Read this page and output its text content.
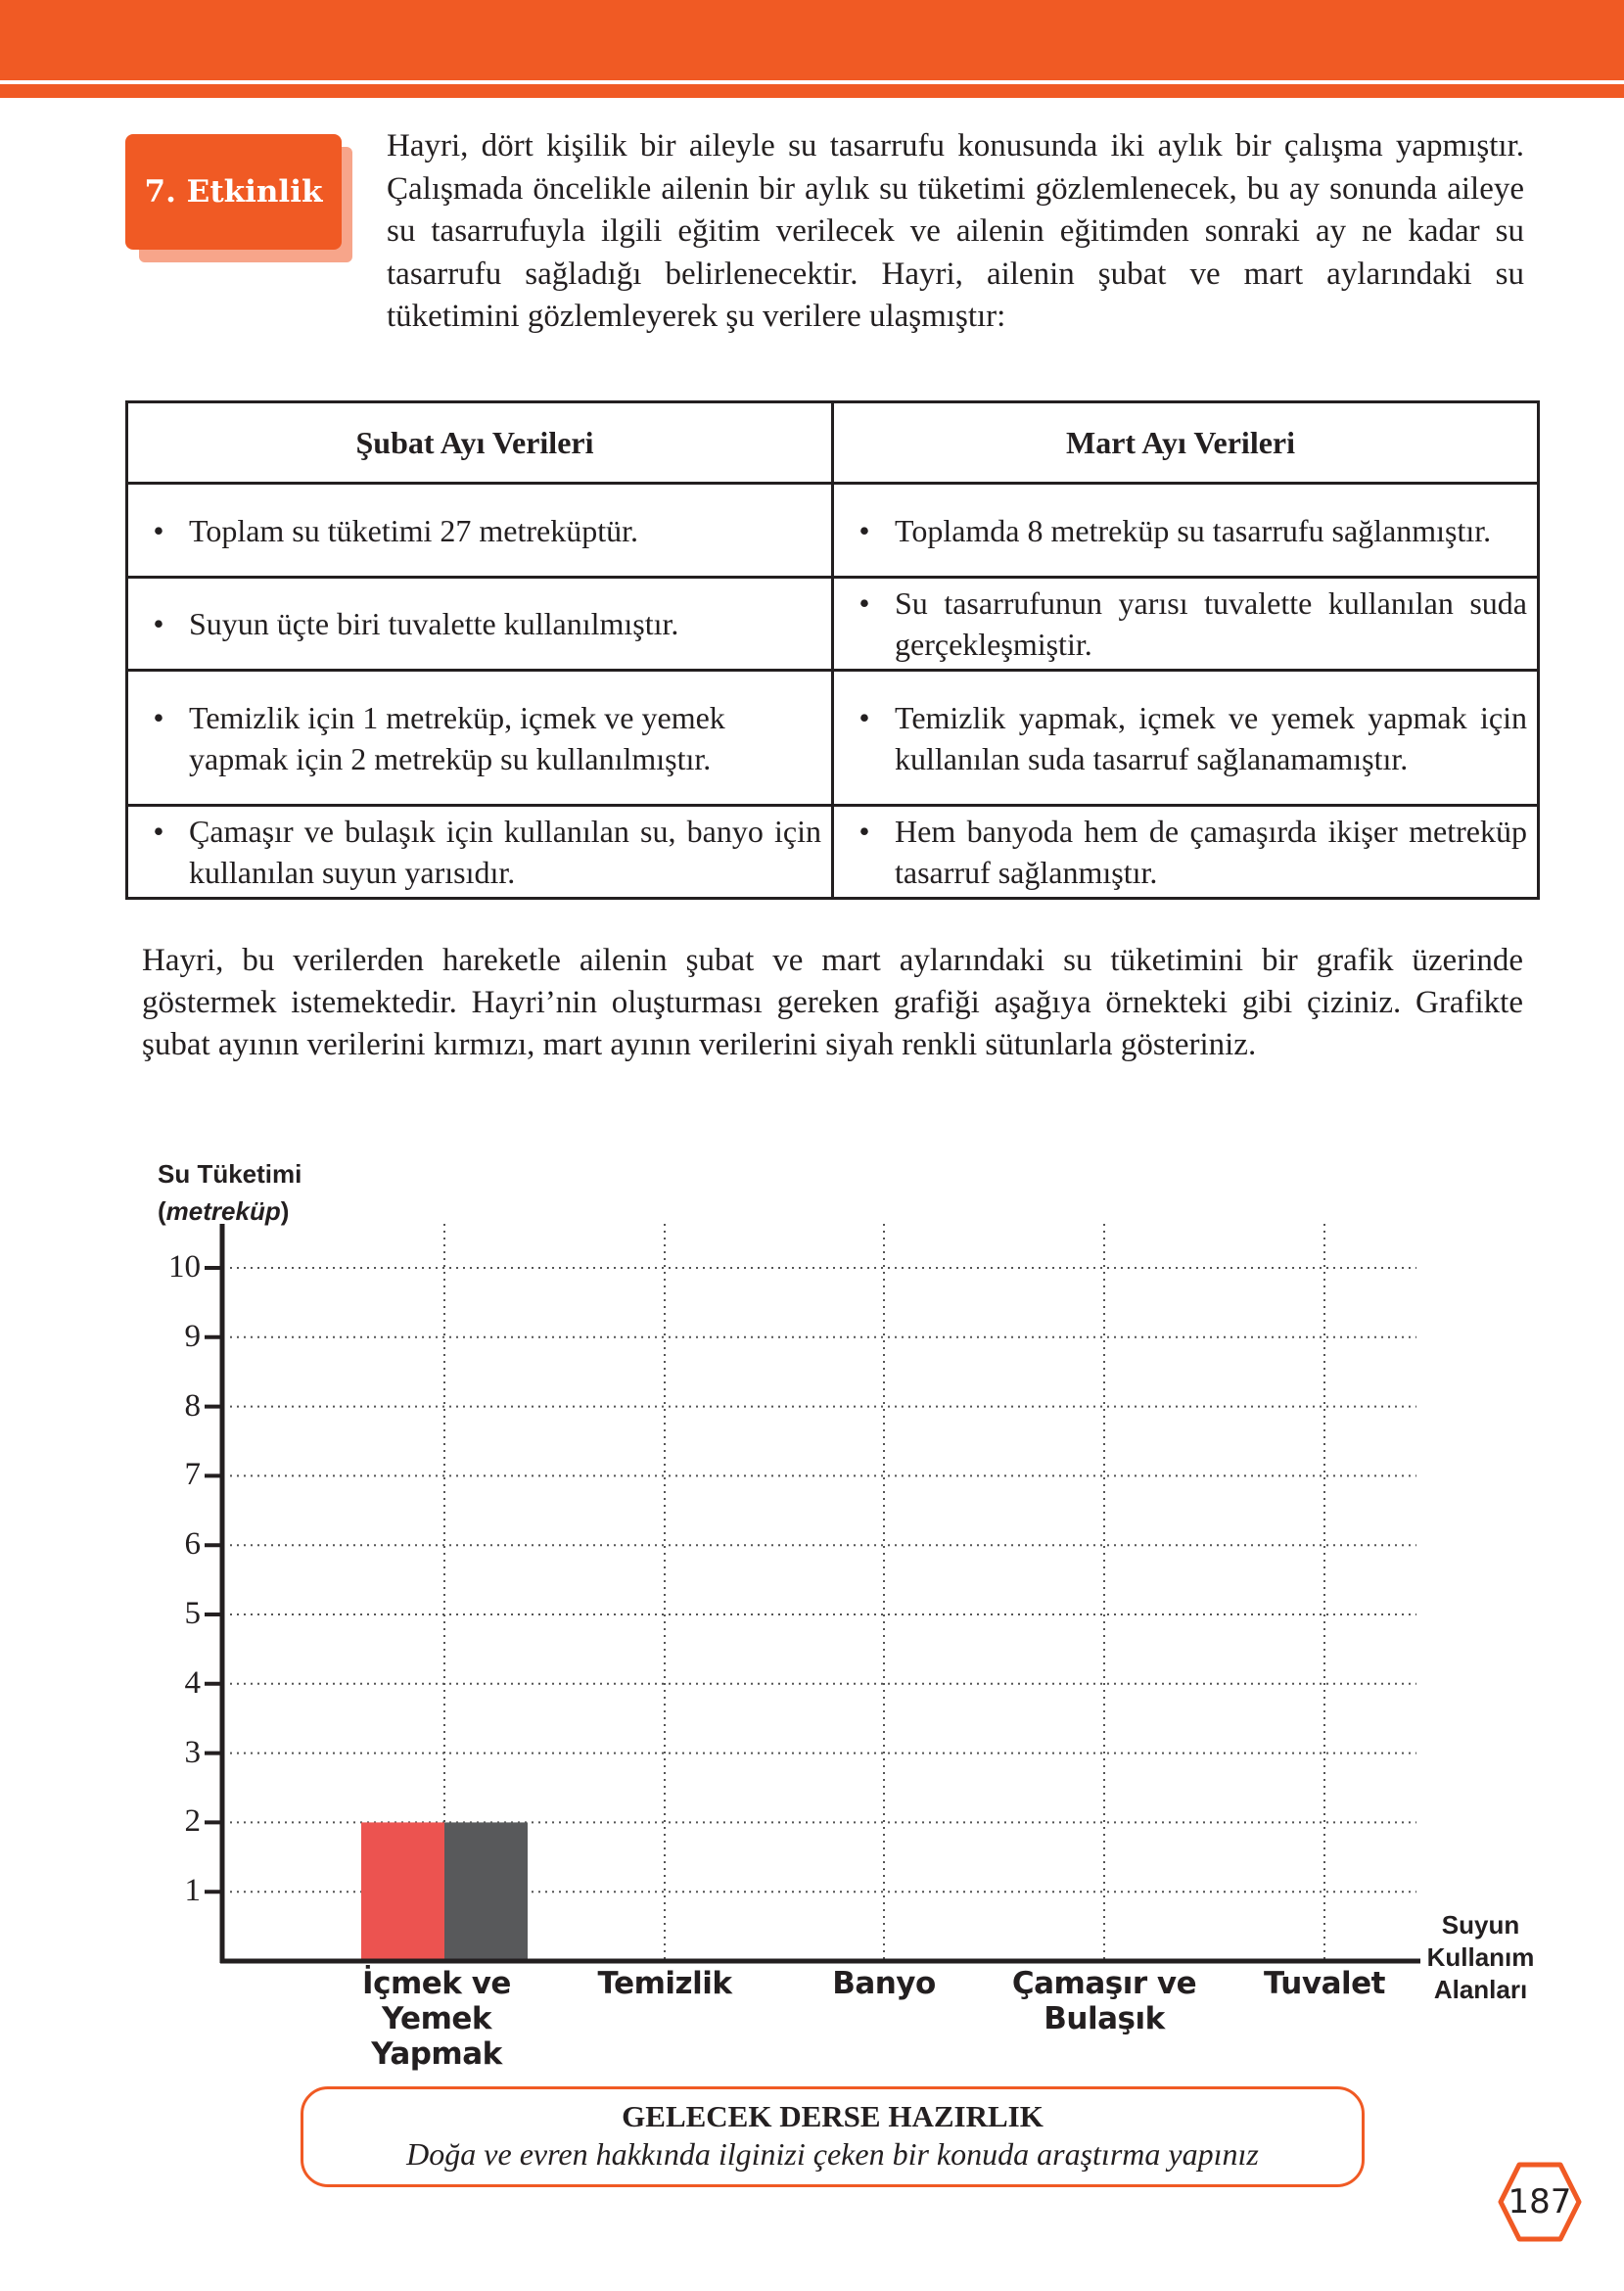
7. Etkinlik
Hayri, dört kişilik bir aileyle su tasarrufu konusunda iki aylık bir çalışma yapmıştır. Çalışmada öncelikle ailenin bir aylık su tüketimi gözlemlenecek, bu ay sonunda aileye su tasarrufuyla ilgili eğitim verilecek ve ailenin eğitimden sonraki ay ne kadar su tasarrufu sağladığı belirlenecektir. Hayri, ailenin şubat ve mart aylarındaki su tüketimini gözlemleyerek şu verilere ulaşmıştır:
Şubat Ayı Verileri	Mart Ayı Verileri

• Toplam su tüketimi 27 metreküptür.	• Toplamda 8 metreküp su tasarrufu sağlanmıştır.

• Suyun üçte biri tuvalette kullanılmıştır.	• Su tasarrufunun yarısı tuvalette kullanılan suda gerçekleşmiştir.

• Temizlik için 1 metreküp, içmek ve yemek yapmak için 2 metreküp su kullanılmıştır.	• Temizlik yapmak, içmek ve yemek yapmak için kullanılan suda tasarruf sağlanamamıştır.

• Çamaşır ve bulaşık için kullanılan su, banyo için kullanılan suyun yarısıdır.	• Hem banyoda hem de çamaşırda ikişer metreküp tasarruf sağlanmıştır.
Hayri, bu verilerden hareketle ailenin şubat ve mart aylarındaki su tüketimini bir grafik üzerinde göstermek istemektedir. Hayri’nin oluşturması gereken grafiği aşağıya örnekteki gibi çiziniz. Grafikte şubat ayının verilerini kırmızı, mart ayının verilerini siyah renkli sütunlarla gösteriniz.
Su Tüketimi
(metreküp)
1
2
3
4
5
6
7
8
9
10
İçmek ve Yemek Yapmak
Temizlik	Banyo	Çamaşır ve Bulaşık
Tuvalet
Suyun
Kullanım
Alanları
GELECEK DERSE HAZIRLIK
Doğa ve evren hakkında ilginizi çeken bir konuda araştırma yapınız
187
